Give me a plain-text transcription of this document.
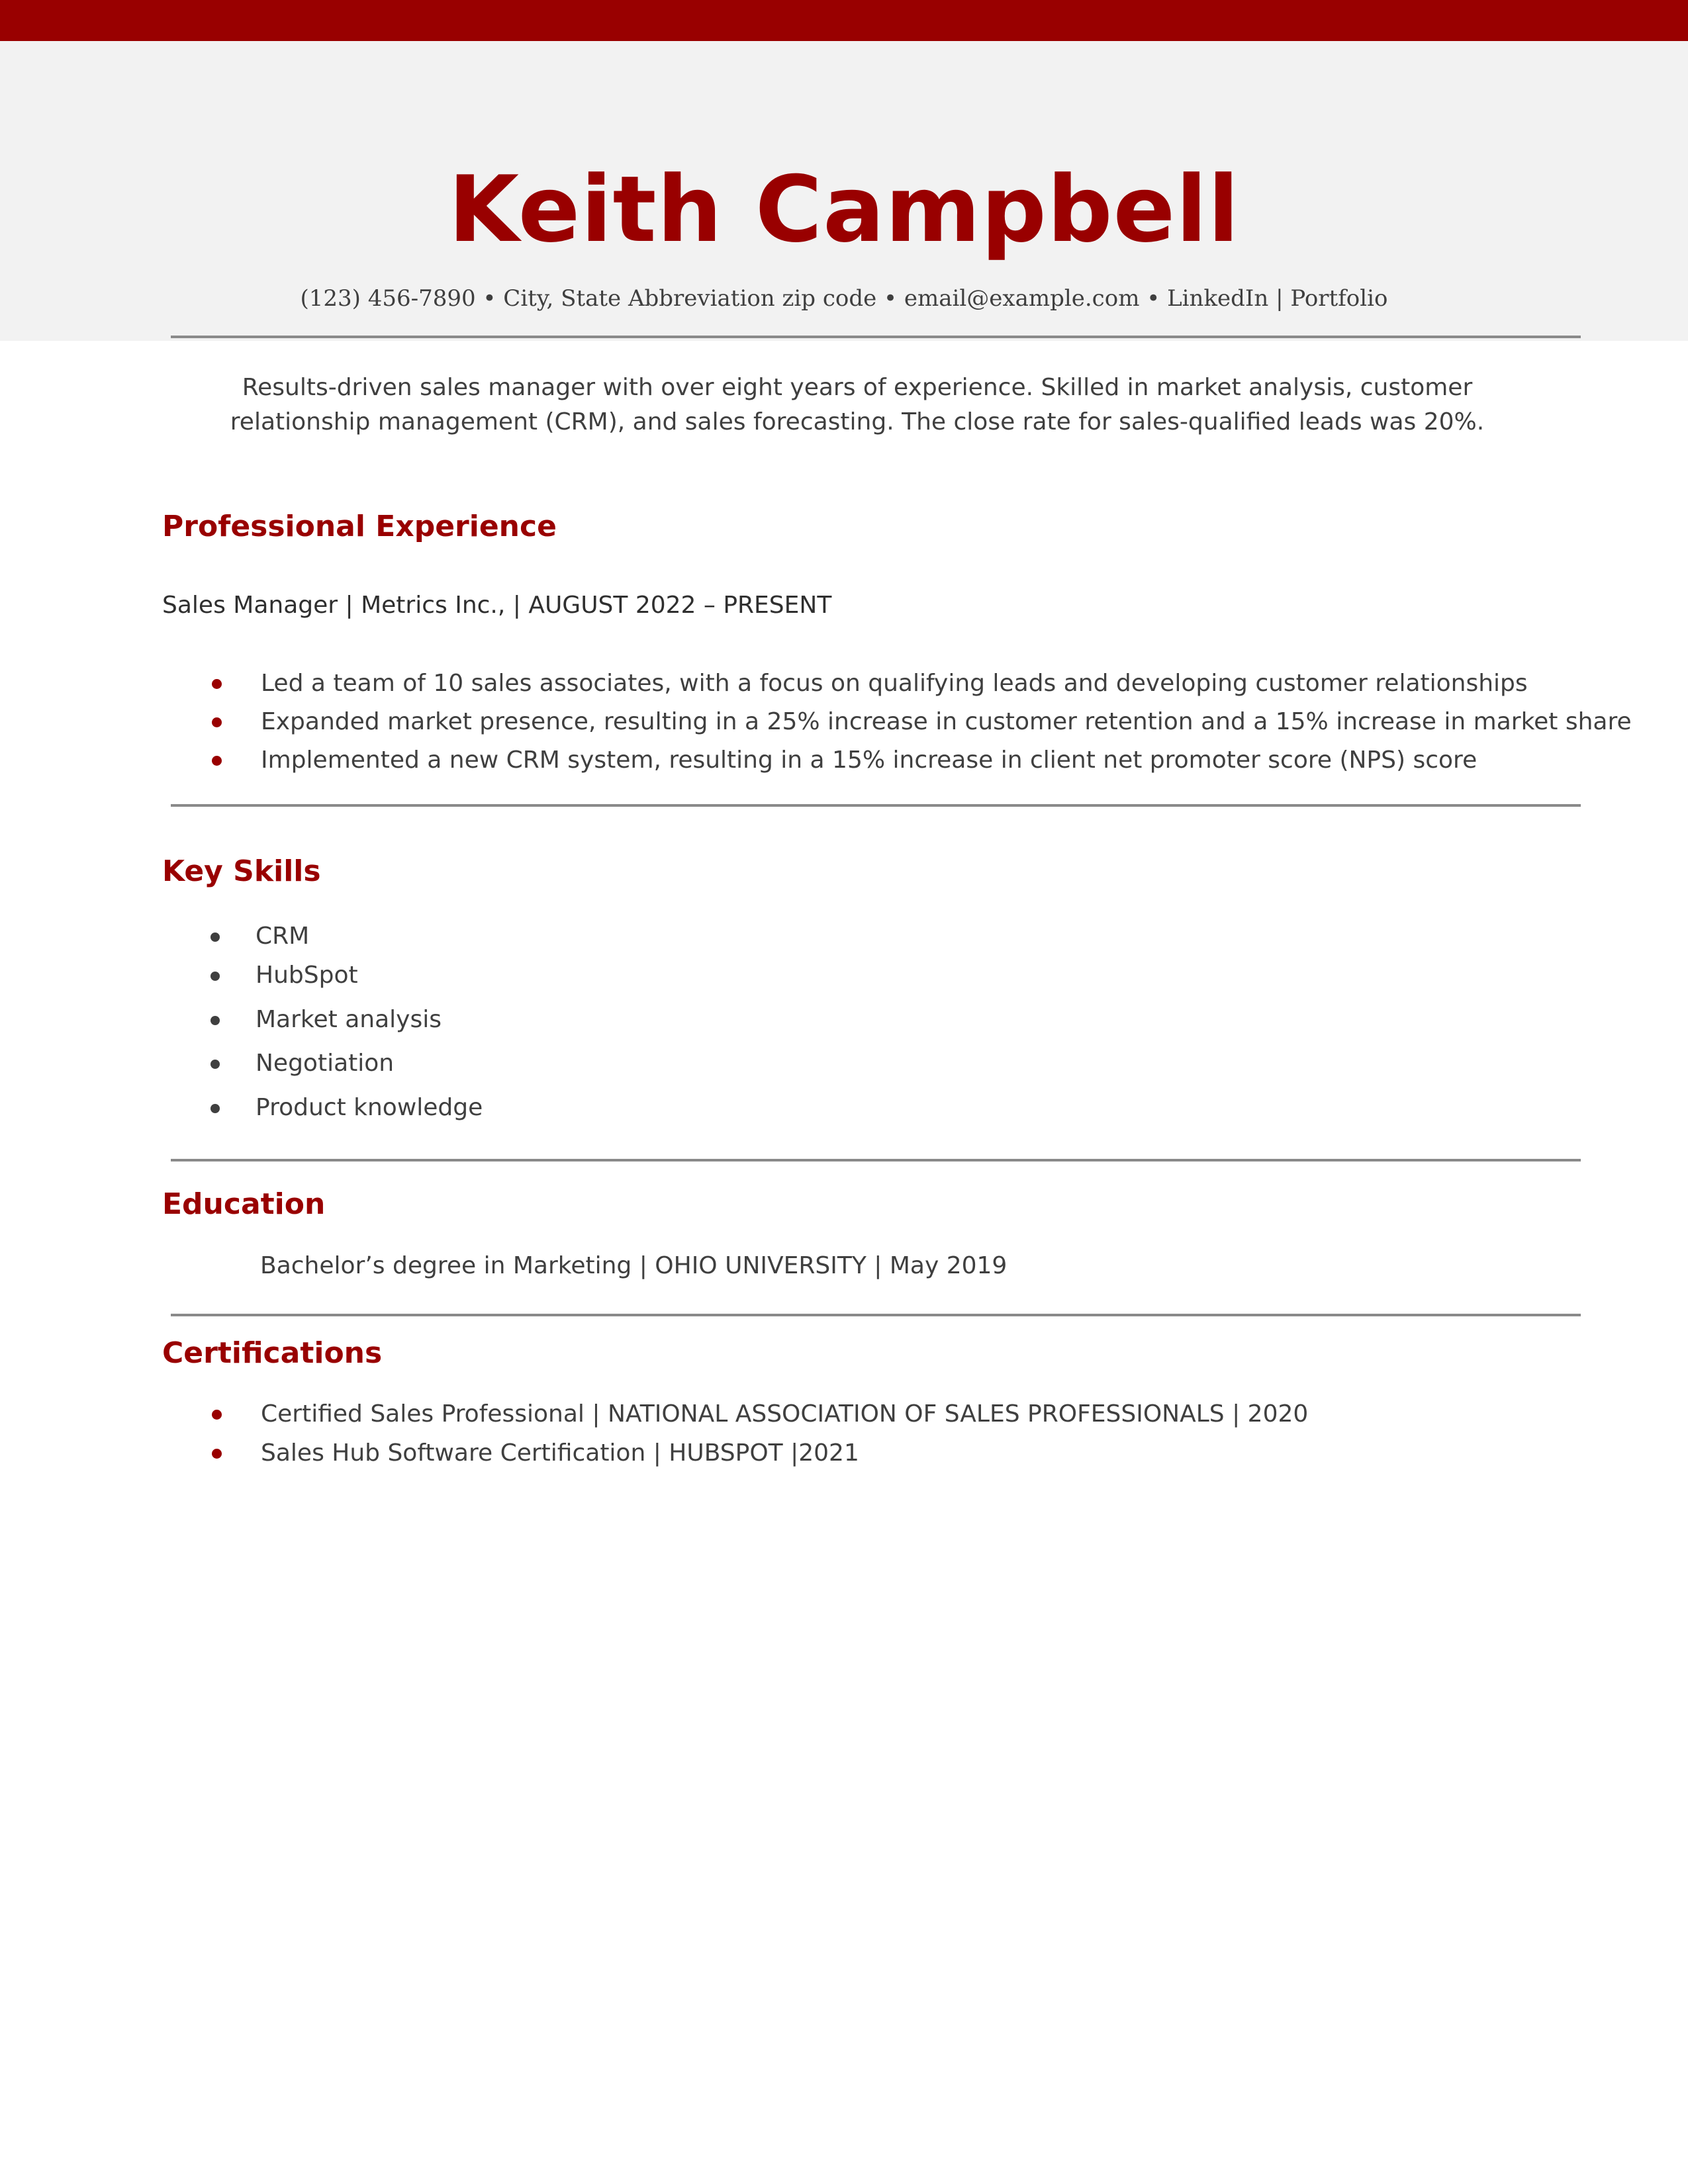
Keith Campbell
(123) 456-7890 • City, State Abbreviation zip code • email@example.com • LinkedIn | Portfolio
Results-driven sales manager with over eight years of experience. Skilled in market analysis, customer relationship management (CRM), and sales forecasting. The close rate for sales-qualified leads was 20%.
Professional Experience
Sales Manager | Metrics Inc., | AUGUST 2022 – PRESENT
Led a team of 10 sales associates, with a focus on qualifying leads and developing customer relationships
Expanded market presence, resulting in a 25% increase in customer retention and a 15% increase in market share
Implemented a new CRM system, resulting in a 15% increase in client net promoter score (NPS) score
Key Skills
CRM
HubSpot
Market analysis
Negotiation
Product knowledge
Education
Bachelor’s degree in Marketing | OHIO UNIVERSITY | May 2019
Certifications
Certified Sales Professional | NATIONAL ASSOCIATION OF SALES PROFESSIONALS | 2020
Sales Hub Software Certification | HUBSPOT |2021
